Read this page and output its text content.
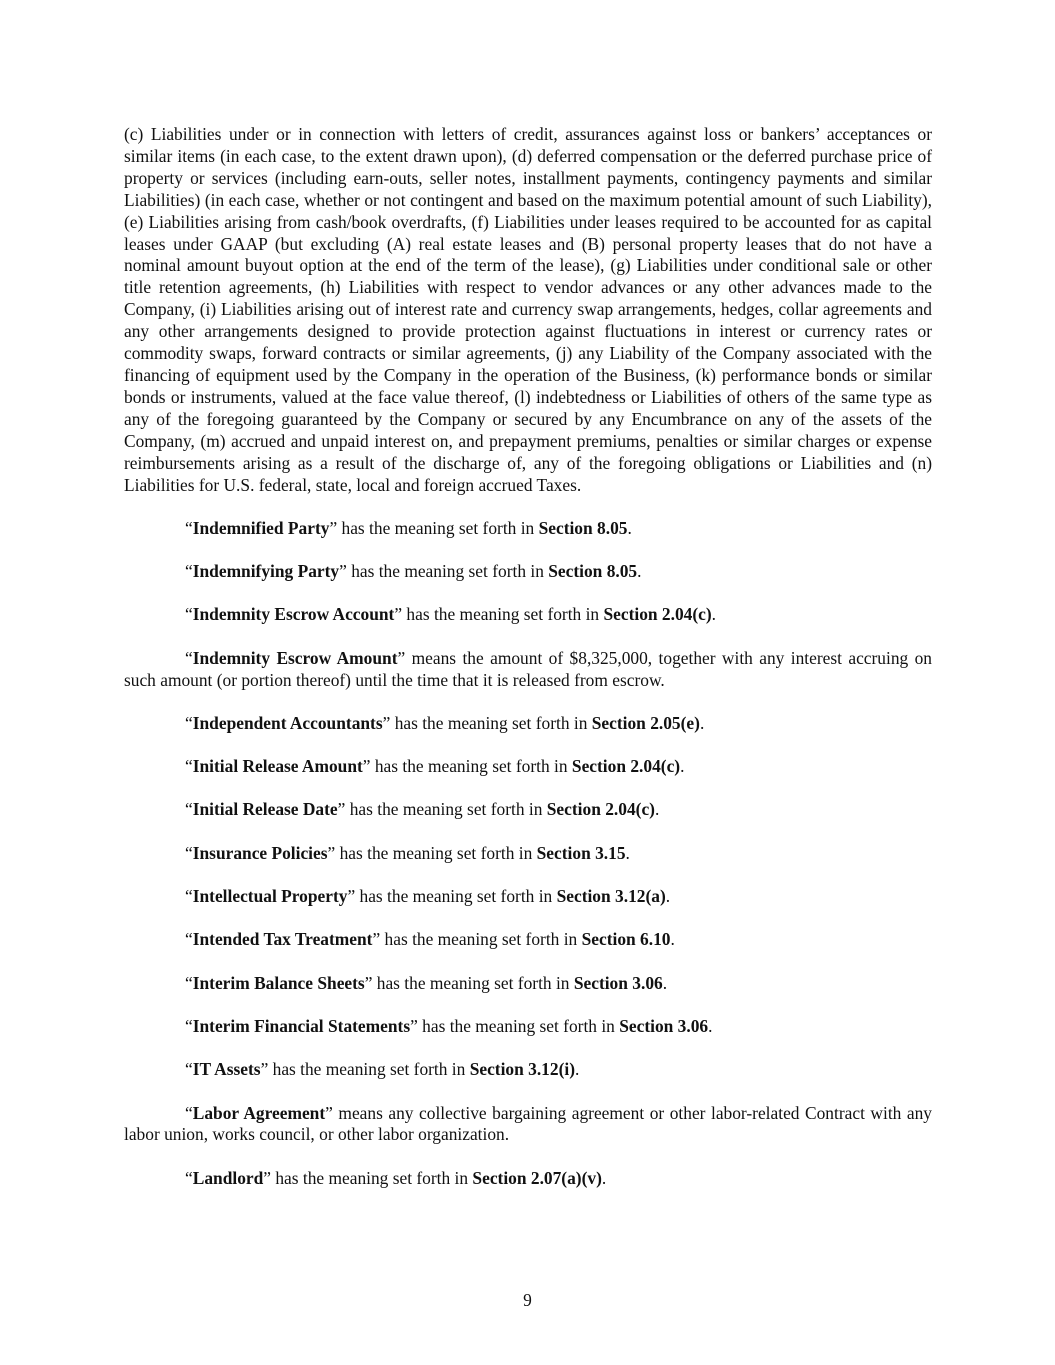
(c) Liabilities under or in connection with letters of credit, assurances against loss or bankers’ acceptances or similar items (in each case, to the extent drawn upon), (d) deferred compensation or the deferred purchase price of property or services (including earn-outs, seller notes, installment payments, contingency payments and similar Liabilities) (in each case, whether or not contingent and based on the maximum potential amount of such Liability), (e) Liabilities arising from cash/book overdrafts, (f) Liabilities under leases required to be accounted for as capital leases under GAAP (but excluding (A) real estate leases and (B) personal property leases that do not have a nominal amount buyout option at the end of the term of the lease), (g) Liabilities under conditional sale or other title retention agreements, (h) Liabilities with respect to vendor advances or any other advances made to the Company, (i) Liabilities arising out of interest rate and currency swap arrangements, hedges, collar agreements and any other arrangements designed to provide protection against fluctuations in interest or currency rates or commodity swaps, forward contracts or similar agreements, (j) any Liability of the Company associated with the financing of equipment used by the Company in the operation of the Business, (k) performance bonds or similar bonds or instruments, valued at the face value thereof, (l) indebtedness or Liabilities of others of the same type as any of the foregoing guaranteed by the Company or secured by any Encumbrance on any of the assets of the Company, (m) accrued and unpaid interest on, and prepayment premiums, penalties or similar charges or expense reimbursements arising as a result of the discharge of, any of the foregoing obligations or Liabilities and (n) Liabilities for U.S. federal, state, local and foreign accrued Taxes.

“Indemnified Party” has the meaning set forth in Section 8.05.

“Indemnifying Party” has the meaning set forth in Section 8.05.

“Indemnity Escrow Account” has the meaning set forth in Section 2.04(c).

“Indemnity Escrow Amount” means the amount of $8,325,000, together with any interest accruing on such amount (or portion thereof) until the time that it is released from escrow.

“Independent Accountants” has the meaning set forth in Section 2.05(e).

“Initial Release Amount” has the meaning set forth in Section 2.04(c).

“Initial Release Date” has the meaning set forth in Section 2.04(c).

“Insurance Policies” has the meaning set forth in Section 3.15.

“Intellectual Property” has the meaning set forth in Section 3.12(a).

“Intended Tax Treatment” has the meaning set forth in Section 6.10.

“Interim Balance Sheets” has the meaning set forth in Section 3.06.

“Interim Financial Statements” has the meaning set forth in Section 3.06.

“IT Assets” has the meaning set forth in Section 3.12(i).

“Labor Agreement” means any collective bargaining agreement or other labor-related Contract with any labor union, works council, or other labor organization.

“Landlord” has the meaning set forth in Section 2.07(a)(v).

9
